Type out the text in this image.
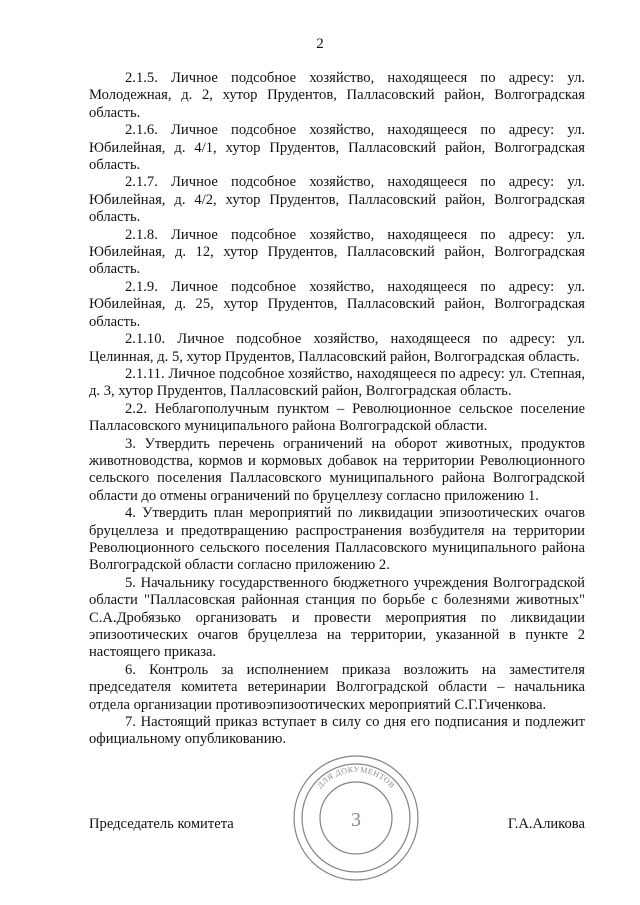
2

2.1.5. Личное подсобное хозяйство, находящееся по адресу: ул. Молодежная, д. 2, хутор Прудентов, Палласовский район, Волгоградская область.

2.1.6. Личное подсобное хозяйство, находящееся по адресу: ул. Юбилейная, д. 4/1, хутор Прудентов, Палласовский район, Волгоградская область.

2.1.7. Личное подсобное хозяйство, находящееся по адресу: ул. Юбилейная, д. 4/2, хутор Прудентов, Палласовский район, Волгоградская область.

2.1.8. Личное подсобное хозяйство, находящееся по адресу: ул. Юбилейная, д. 12, хутор Прудентов, Палласовский район, Волгоградская область.

2.1.9. Личное подсобное хозяйство, находящееся по адресу: ул. Юбилейная, д. 25, хутор Прудентов, Палласовский район, Волгоградская область.

2.1.10. Личное подсобное хозяйство, находящееся по адресу: ул. Целинная, д. 5, хутор Прудентов, Палласовский район, Волгоградская область.

2.1.11. Личное подсобное хозяйство, находящееся по адресу: ул. Степная, д. 3, хутор Прудентов, Палласовский район, Волгоградская область.

2.2. Неблагополучным пунктом – Революционное сельское поселение Палласовского муниципального района Волгоградской области.

3. Утвердить перечень ограничений на оборот животных, продуктов животноводства, кормов и кормовых добавок на территории Революционного сельского поселения Палласовского муниципального района Волгоградской области до отмены ограничений по бруцеллезу согласно приложению 1.

4. Утвердить план мероприятий по ликвидации эпизоотических очагов бруцеллеза и предотвращению распространения возбудителя на территории Революционного сельского поселения Палласовского муниципального района Волгоградской области согласно приложению 2.

5. Начальнику государственного бюджетного учреждения Волгоградской области "Палласовская районная станция по борьбе с болезнями животных" С.А.Дробязько организовать и провести мероприятия по ликвидации эпизоотических очагов бруцеллеза на территории, указанной в пункте 2 настоящего приказа.

6. Контроль за исполнением приказа возложить на заместителя председателя комитета ветеринарии Волгоградской области – начальника отдела организации противоэпизоотических мероприятий С.Г.Гиченкова.

7. Настоящий приказ вступает в силу со дня его подписания и подлежит официальному опубликованию.

Председатель комитета	Г.А.Аликова
ДЛЯ ДОКУМЕНТОВ
3
